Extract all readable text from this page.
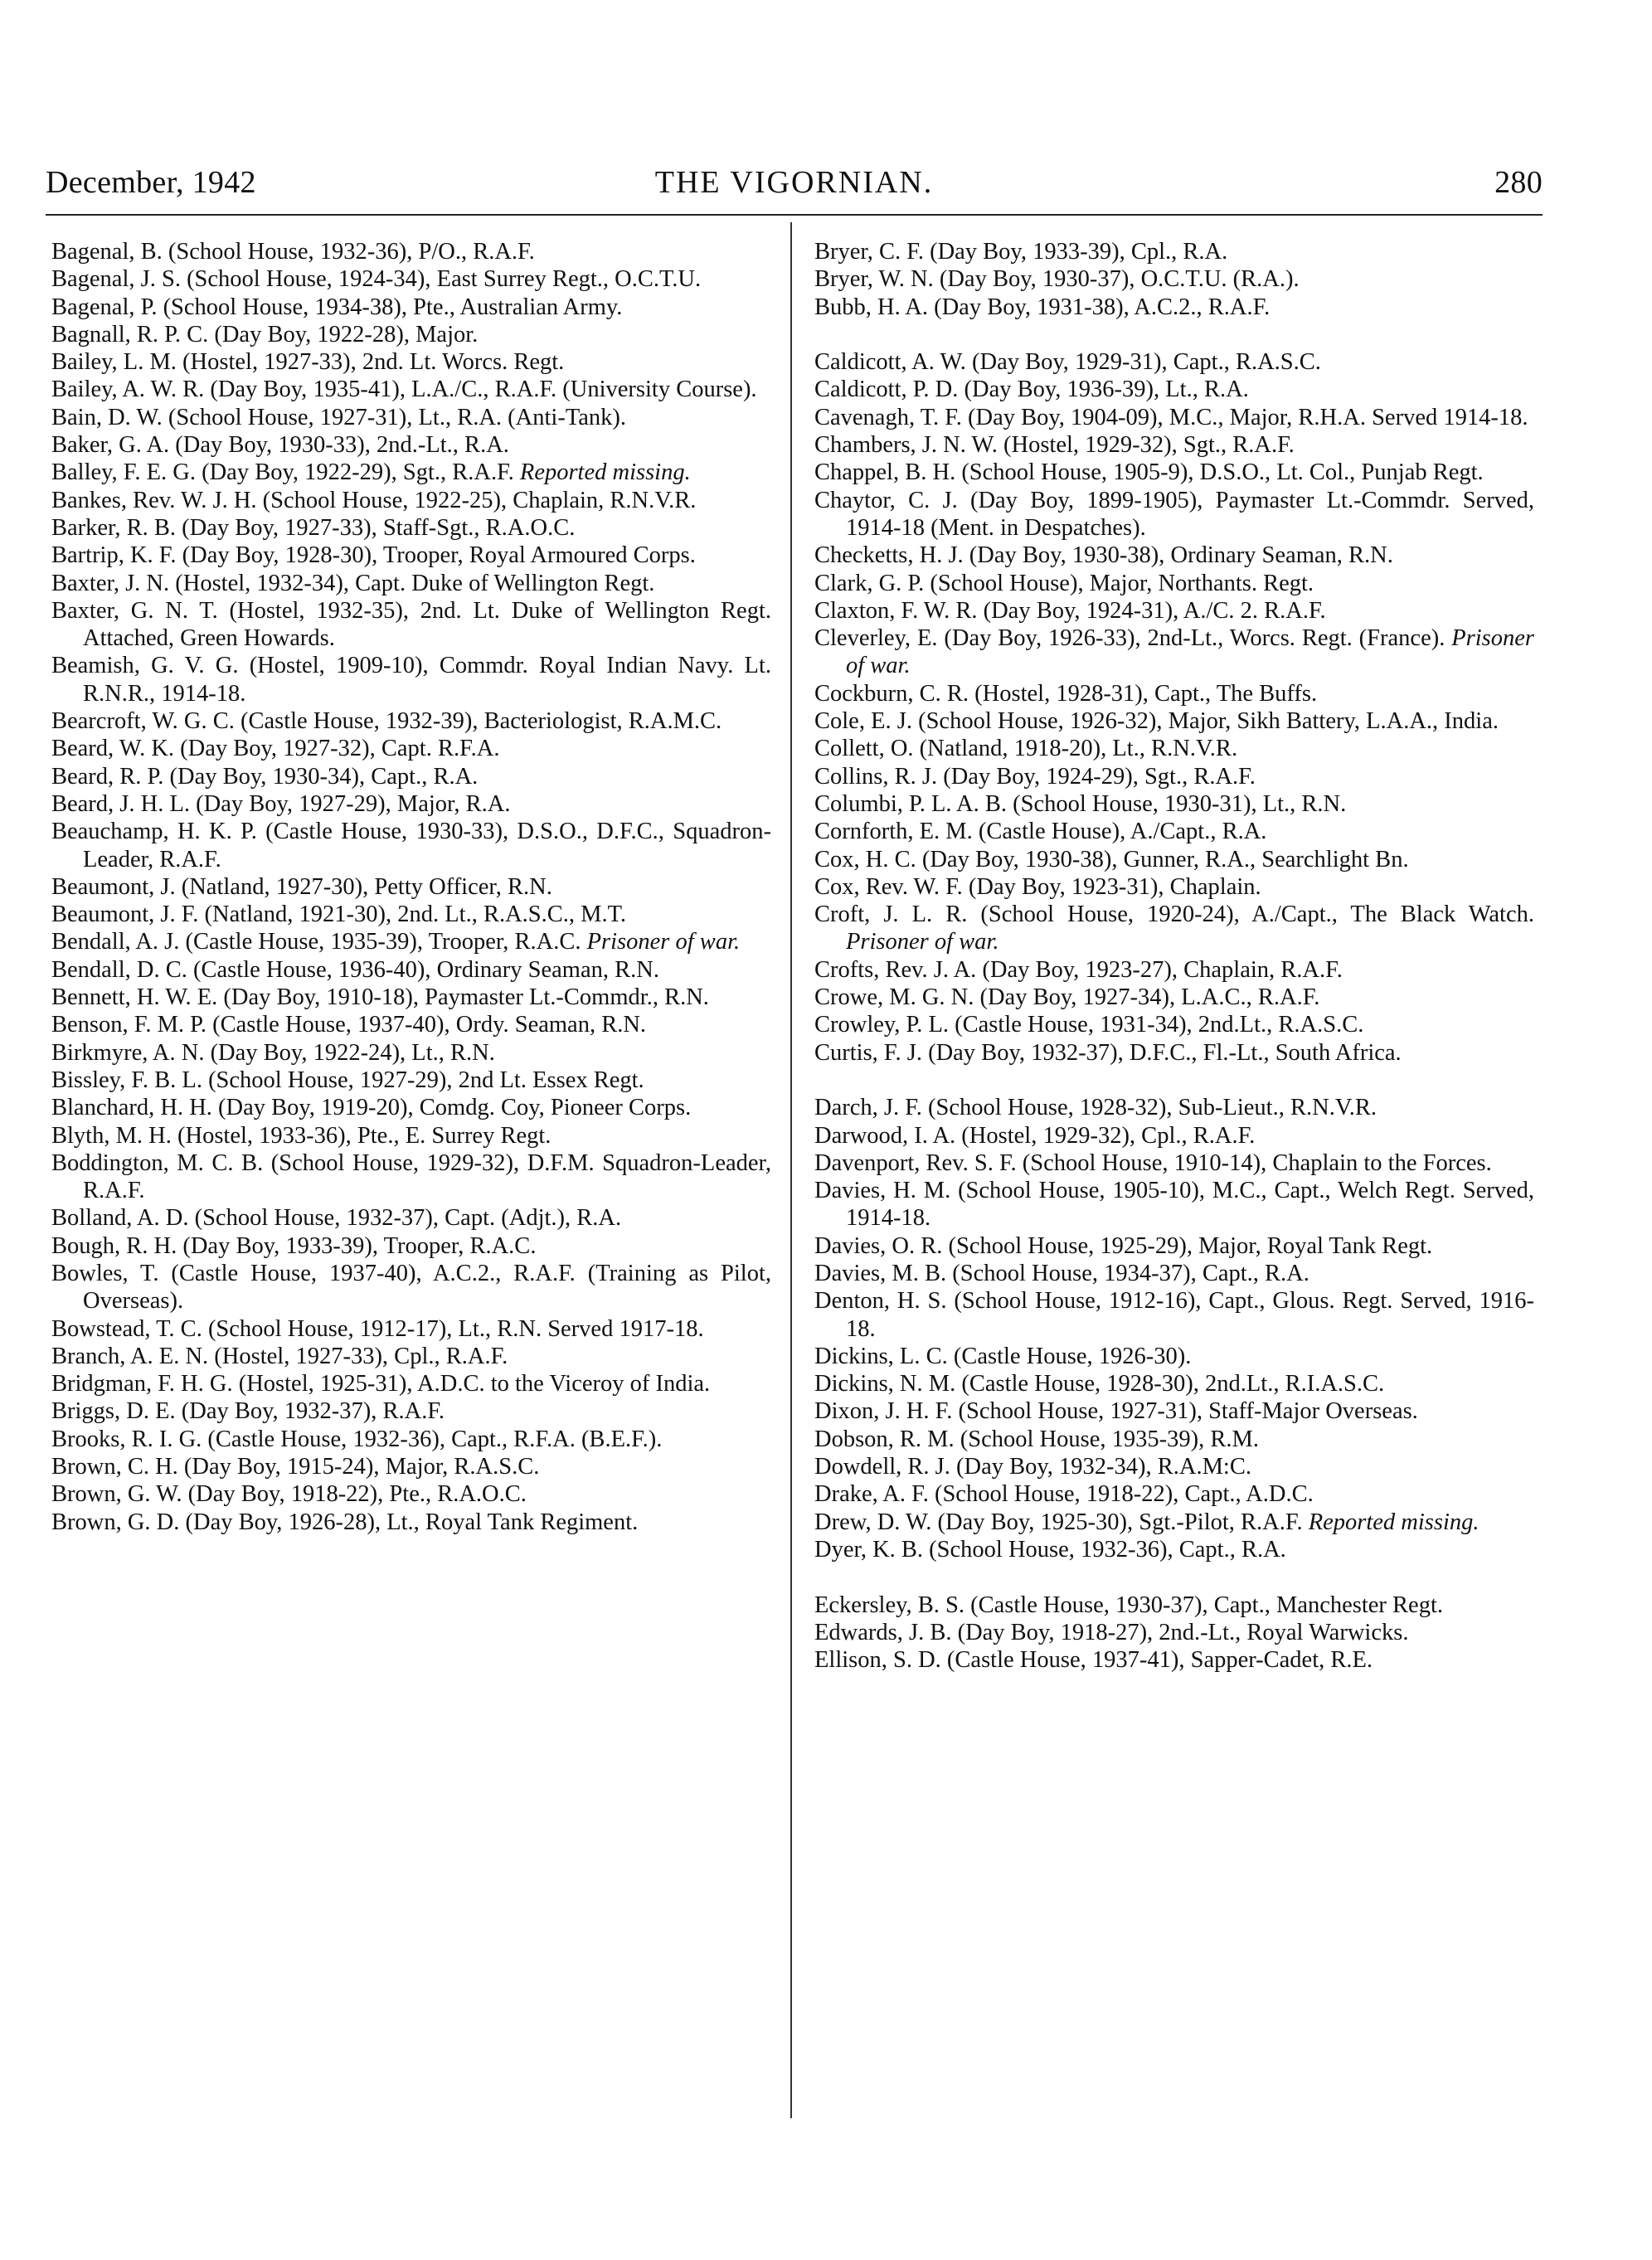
December, 1942	THE VIGORNIAN.	280
Bagenal, B. (School House, 1932-36), P/O., R.A.F.
Bagenal, J. S. (School House, 1924-34), East Surrey Regt., O.C.T.U.
Bagenal, P. (School House, 1934-38), Pte., Australian Army.
Bagnall, R. P. C. (Day Boy, 1922-28), Major.
Bailey, L. M. (Hostel, 1927-33), 2nd. Lt. Worcs. Regt.
Bailey, A. W. R. (Day Boy, 1935-41), L.A./C., R.A.F. (University Course).
Bain, D. W. (School House, 1927-31), Lt., R.A. (Anti-Tank).
Baker, G. A. (Day Boy, 1930-33), 2nd.-Lt., R.A.
Balley, F. E. G. (Day Boy, 1922-29), Sgt., R.A.F. Reported missing.
Bankes, Rev. W. J. H. (School House, 1922-25), Chaplain, R.N.V.R.
Barker, R. B. (Day Boy, 1927-33), Staff-Sgt., R.A.O.C.
Bartrip, K. F. (Day Boy, 1928-30), Trooper, Royal Armoured Corps.
Baxter, J. N. (Hostel, 1932-34), Capt. Duke of Wellington Regt.
Baxter, G. N. T. (Hostel, 1932-35), 2nd. Lt. Duke of Wellington Regt. Attached, Green Howards.
Beamish, G. V. G. (Hostel, 1909-10), Commdr. Royal Indian Navy. Lt. R.N.R., 1914-18.
Bearcroft, W. G. C. (Castle House, 1932-39), Bacteriologist, R.A.M.C.
Beard, W. K. (Day Boy, 1927-32), Capt. R.F.A.
Beard, R. P. (Day Boy, 1930-34), Capt., R.A.
Beard, J. H. L. (Day Boy, 1927-29), Major, R.A.
Beauchamp, H. K. P. (Castle House, 1930-33), D.S.O., D.F.C., Squadron-Leader, R.A.F.
Beaumont, J. (Natland, 1927-30), Petty Officer, R.N.
Beaumont, J. F. (Natland, 1921-30), 2nd. Lt., R.A.S.C., M.T.
Bendall, A. J. (Castle House, 1935-39), Trooper, R.A.C. Prisoner of war.
Bendall, D. C. (Castle House, 1936-40), Ordinary Seaman, R.N.
Bennett, H. W. E. (Day Boy, 1910-18), Paymaster Lt.-Commdr., R.N.
Benson, F. M. P. (Castle House, 1937-40), Ordy. Seaman, R.N.
Birkmyre, A. N. (Day Boy, 1922-24), Lt., R.N.
Bissley, F. B. L. (School House, 1927-29), 2nd Lt. Essex Regt.
Blanchard, H. H. (Day Boy, 1919-20), Comdg. Coy, Pioneer Corps.
Blyth, M. H. (Hostel, 1933-36), Pte., E. Surrey Regt.
Boddington, M. C. B. (School House, 1929-32), D.F.M. Squadron-Leader, R.A.F.
Bolland, A. D. (School House, 1932-37), Capt. (Adjt.), R.A.
Bough, R. H. (Day Boy, 1933-39), Trooper, R.A.C.
Bowles, T. (Castle House, 1937-40), A.C.2., R.A.F. (Training as Pilot, Overseas).
Bowstead, T. C. (School House, 1912-17), Lt., R.N. Served 1917-18.
Branch, A. E. N. (Hostel, 1927-33), Cpl., R.A.F.
Bridgman, F. H. G. (Hostel, 1925-31), A.D.C. to the Viceroy of India.
Briggs, D. E. (Day Boy, 1932-37), R.A.F.
Brooks, R. I. G. (Castle House, 1932-36), Capt., R.F.A. (B.E.F.).
Brown, C. H. (Day Boy, 1915-24), Major, R.A.S.C.
Brown, G. W. (Day Boy, 1918-22), Pte., R.A.O.C.
Brown, G. D. (Day Boy, 1926-28), Lt., Royal Tank Regiment.
Bryer, C. F. (Day Boy, 1933-39), Cpl., R.A.
Bryer, W. N. (Day Boy, 1930-37), O.C.T.U. (R.A.).
Bubb, H. A. (Day Boy, 1931-38), A.C.2., R.A.F.
Caldicott, A. W. (Day Boy, 1929-31), Capt., R.A.S.C.
Caldicott, P. D. (Day Boy, 1936-39), Lt., R.A.
Cavenagh, T. F. (Day Boy, 1904-09), M.C., Major, R.H.A. Served 1914-18.
Chambers, J. N. W. (Hostel, 1929-32), Sgt., R.A.F.
Chappel, B. H. (School House, 1905-9), D.S.O., Lt. Col., Punjab Regt.
Chaytor, C. J. (Day Boy, 1899-1905), Paymaster Lt.-Commdr. Served, 1914-18 (Ment. in Despatches).
Checketts, H. J. (Day Boy, 1930-38), Ordinary Seaman, R.N.
Clark, G. P. (School House), Major, Northants. Regt.
Claxton, F. W. R. (Day Boy, 1924-31), A./C. 2. R.A.F.
Cleverley, E. (Day Boy, 1926-33), 2nd-Lt., Worcs. Regt. (France). Prisoner of war.
Cockburn, C. R. (Hostel, 1928-31), Capt., The Buffs.
Cole, E. J. (School House, 1926-32), Major, Sikh Battery, L.A.A., India.
Collett, O. (Natland, 1918-20), Lt., R.N.V.R.
Collins, R. J. (Day Boy, 1924-29), Sgt., R.A.F.
Columbi, P. L. A. B. (School House, 1930-31), Lt., R.N.
Cornforth, E. M. (Castle House), A./Capt., R.A.
Cox, H. C. (Day Boy, 1930-38), Gunner, R.A., Searchlight Bn.
Cox, Rev. W. F. (Day Boy, 1923-31), Chaplain.
Croft, J. L. R. (School House, 1920-24), A./Capt., The Black Watch. Prisoner of war.
Crofts, Rev. J. A. (Day Boy, 1923-27), Chaplain, R.A.F.
Crowe, M. G. N. (Day Boy, 1927-34), L.A.C., R.A.F.
Crowley, P. L. (Castle House, 1931-34), 2nd.Lt., R.A.S.C.
Curtis, F. J. (Day Boy, 1932-37), D.F.C., Fl.-Lt., South Africa.
Darch, J. F. (School House, 1928-32), Sub-Lieut., R.N.V.R.
Darwood, I. A. (Hostel, 1929-32), Cpl., R.A.F.
Davenport, Rev. S. F. (School House, 1910-14), Chaplain to the Forces.
Davies, H. M. (School House, 1905-10), M.C., Capt., Welch Regt. Served, 1914-18.
Davies, O. R. (School House, 1925-29), Major, Royal Tank Regt.
Davies, M. B. (School House, 1934-37), Capt., R.A.
Denton, H. S. (School House, 1912-16), Capt., Glous. Regt. Served, 1916-18.
Dickins, L. C. (Castle House, 1926-30).
Dickins, N. M. (Castle House, 1928-30), 2nd.Lt., R.I.A.S.C.
Dixon, J. H. F. (School House, 1927-31), Staff-Major Overseas.
Dobson, R. M. (School House, 1935-39), R.M.
Dowdell, R. J. (Day Boy, 1932-34), R.A.M:C.
Drake, A. F. (School House, 1918-22), Capt., A.D.C.
Drew, D. W. (Day Boy, 1925-30), Sgt.-Pilot, R.A.F. Reported missing.
Dyer, K. B. (School House, 1932-36), Capt., R.A.
Eckersley, B. S. (Castle House, 1930-37), Capt., Manchester Regt.
Edwards, J. B. (Day Boy, 1918-27), 2nd.-Lt., Royal Warwicks.
Ellison, S. D. (Castle House, 1937-41), Sapper-Cadet, R.E.
